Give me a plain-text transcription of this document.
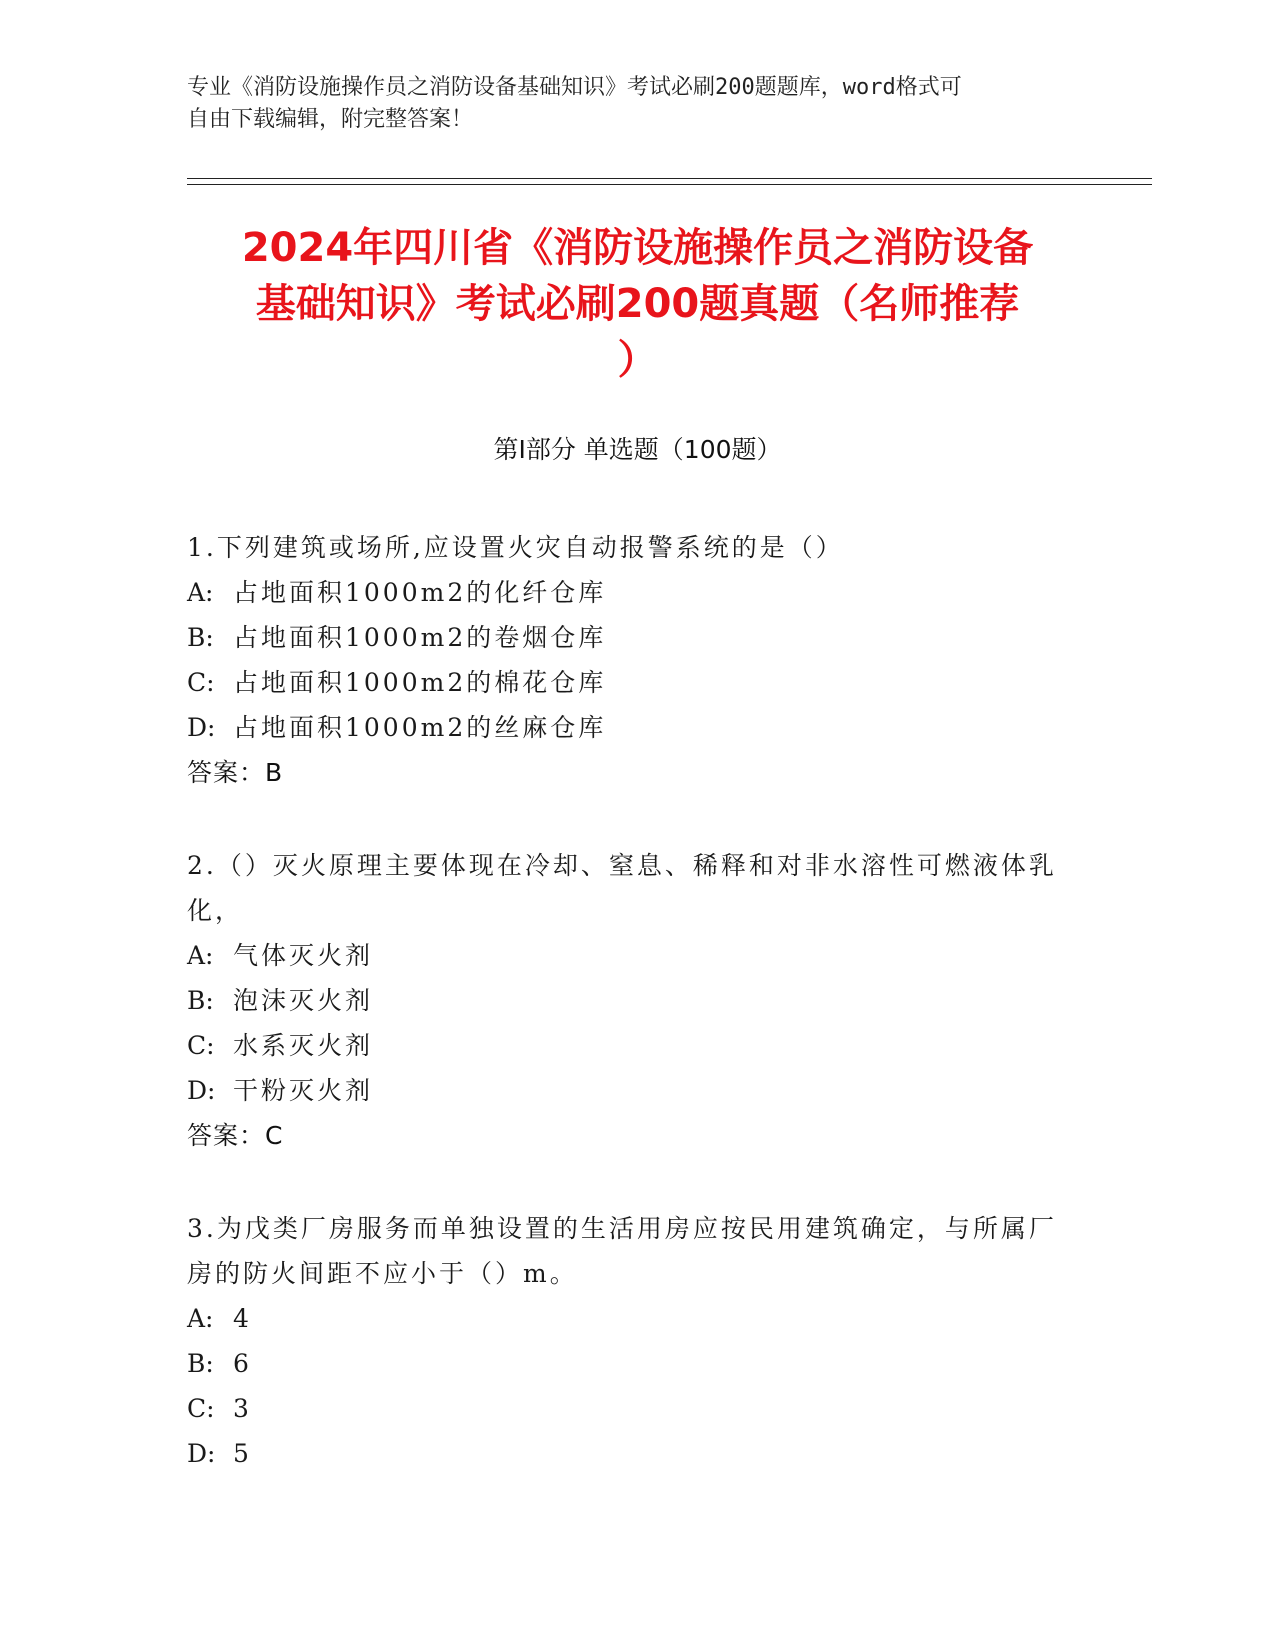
专业《消防设施操作员之消防设备基础知识》考试必刷200题题库，word格式可
自由下载编辑，附完整答案！
2024年四川省《消防设施操作员之消防设备
基础知识》考试必刷200题真题（名师推荐
）
第Ⅰ部分 单选题（100题）
1.下列建筑或场所,应设置火灾自动报警系统的是（）
A: 占地面积1000m2的化纤仓库
B: 占地面积1000m2的卷烟仓库
C: 占地面积1000m2的棉花仓库
D: 占地面积1000m2的丝麻仓库
答案：B
2.（）灭火原理主要体现在冷却、窒息、稀释和对非水溶性可燃液体乳化，
A: 气体灭火剂
B: 泡沫灭火剂
C: 水系灭火剂
D: 干粉灭火剂
答案：C
3.为戊类厂房服务而单独设置的生活用房应按民用建筑确定，与所属厂房的防火间距不应小于（）m。
A: 4
B: 6
C: 3
D: 5
